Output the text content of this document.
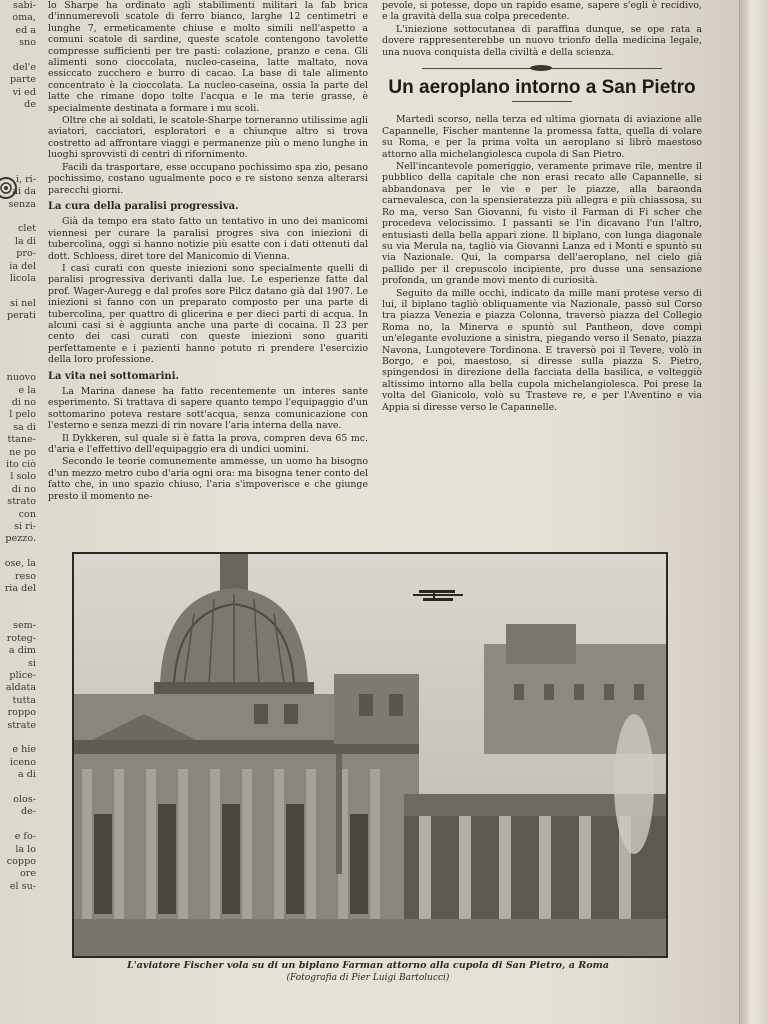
sabi-
oma,
ed a
sno

del'e
parte
vi ed
de

i, ri-
ai da
senza

clet
la di
pro-
ia del
licola

si nel
perati

nuovo
e la
di no
l pelo
sa di
ttane-
ne po
ito ciò
l solo
di no
strato
con
si ri-
pezzo.

ose, la
reso
ria del

sem-
roteg-
a dim
si
plice-
aldata
tutta
roppo
strate

e hie
iceno
a di

olos-
de-

e fo-
la lo
coppo
ore
el su-

lo Sharpe ha ordinato agli stabilimenti militari la fab brica d'innumerevoli scatole di ferro bianco, larghe 12 centimetri e lunghe 7, ermeticamente chiuse e molto simili nell'aspetto a comuni scatole di sardine, queste scatole contengono tavolette compresse sufficienti per tre pasti: colazione, pranzo e cena. Gli alimenti sono cioccolata, nucleo-caseina, latte maltato, nova essiccato zucchero e burro di cacao. La base di tale alimento concentrato è la cioccolata. La nucleo-caseina, ossia la parte del latte che rimane dopo tolte l'acqua e le ma terie grasse, è specialmente destinata a formare i mu scoli.

Oltre che ai soldati, le scatole-Sharpe torneranno utilissime agli aviatori, cacciatori, esploratori e a chiunque altro si trova costretto ad affrontare viaggi e permanenze più o meno lunghe in luoghi sprovvisti di centri di rifornimento.

Facili da trasportare, esse occupano pochissimo spa zio, pesano pochissimo, costano ugualmente poco e re sistono senza alterarsi parecchi giorni.

La cura della paralisi progressiva.

Già da tempo era stato fatto un tentativo in uno dei manicomi viennesi per curare la paralisi progres siva con iniezioni di tubercolina, oggi si hanno notizie più esatte con i dati ottenuti dal dott. Schloess, diret tore del Manicomio di Vienna.

I casi curati con queste iniezioni sono specialmente quelli di paralisi progressiva derivanti dalla lue. Le esperienze fatte dal prof. Wager-Auregg e dal profes sore Pilcz datano già dal 1907. Le iniezioni si fanno con un preparato composto per una parte di tubercolina, per quattro di glicerina e per dieci parti di acqua. In alcuni casi si è aggiunta anche una parte di cocaina. Il 23 per cento dei casi curati con queste iniezioni sono guariti perfettamente e i pazienti hanno potuto ri prendere l'esercizio della loro professione.

La vita nei sottomarini.

La Marina danese ha fatto recentemente un interes sante esperimento. Si trattava di sapere quanto tempo l'equipaggio d'un sottomarino poteva restare sott'acqua, senza comunicazione con l'esterno e senza mezzi di rin novare l'aria interna della nave.

Il Dykkeren, sul quale si è fatta la prova, compren deva 65 mc. d'aria e l'effettivo dell'equipaggio era di undici uomini.

Secondo le teorie comunemente ammesse, un uomo ha bisogno d'un mezzo metro cubo d'aria ogni ora: ma bisogna tener conto del fatto che, in uno spazio chiuso, l'aria s'impoverisce e che giunge presto il momento ne-

pevole, si potesse, dopo un rapido esame, sapere s'egli è recidivo, e la gravità della sua colpa precedente.

L'iniezione sottocutanea di paraffina dunque, se ope rata a dovere rappresenterebbe un nuovo trionfo della medicina legale, una nuova conquista della civiltà e della scienza.

Un aeroplano intorno a San Pietro

Martedì scorso, nella terza ed ultima giornata di aviazione alle Capannelle, Fischer mantenne la promessa fatta, quella di volare su Roma, e per la prima volta un aeroplano si librò maestoso attorno alla michelangiolesca cupola di San Pietro.

Nell'incantevole pomeriggio, veramente primave rile, mentre il pubblico della capitale che non erasi recato alle Capannelle, si abbandonava per le vie e per le piazze, alla baraonda carnevalesca, con la spensieratezza più allegra e più chiassosa, su Ro ma, verso San Giovanni, fu visto il Farman di Fi scher che procedeva velocissimo. I passanti se l'in dicavano l'un l'altro, entusiasti della bella appari zione. Il biplano, con lunga diagonale su via Merula na, tagliò via Giovanni Lanza ed i Monti e spuntò su via Nazionale. Qui, la comparsa dell'aeroplano, nel cielo già pallido per il crepuscolo incipiente, pro dusse una sensazione profonda, un grande movi mento di curiosità.

Seguito da mille occhi, indicato da mille mani protese verso di lui, il biplano tagliò obliquamente via Nazionale, passò sul Corso tra piazza Venezia e piazza Colonna, traversò piazza del Collegio Roma no, la Minerva e spuntò sul Pantheon, dove compì un'elegante evoluzione a sinistra, piegando verso il Senato, piazza Navona, Lungotevere Tordinona. E traversò poi il Tevere, volò in Borgo, e poi, maestoso, si diresse sulla piazza S. Pietro, spingendosi in direzione della facciata della basilica, e volteggiò altissimo intorno alla bella cupola michelangiolesca. Poi prese la volta del Gianicolo, volò su Trasteve re, e per l'Aventino e via Appia si diresse verso le Capannelle.

L'aviatore Fischer vola su di un biplano Farman attorno alla cupola di San Pietro, a Roma
(Fotografia di Pier Luigi Bartolucci)
